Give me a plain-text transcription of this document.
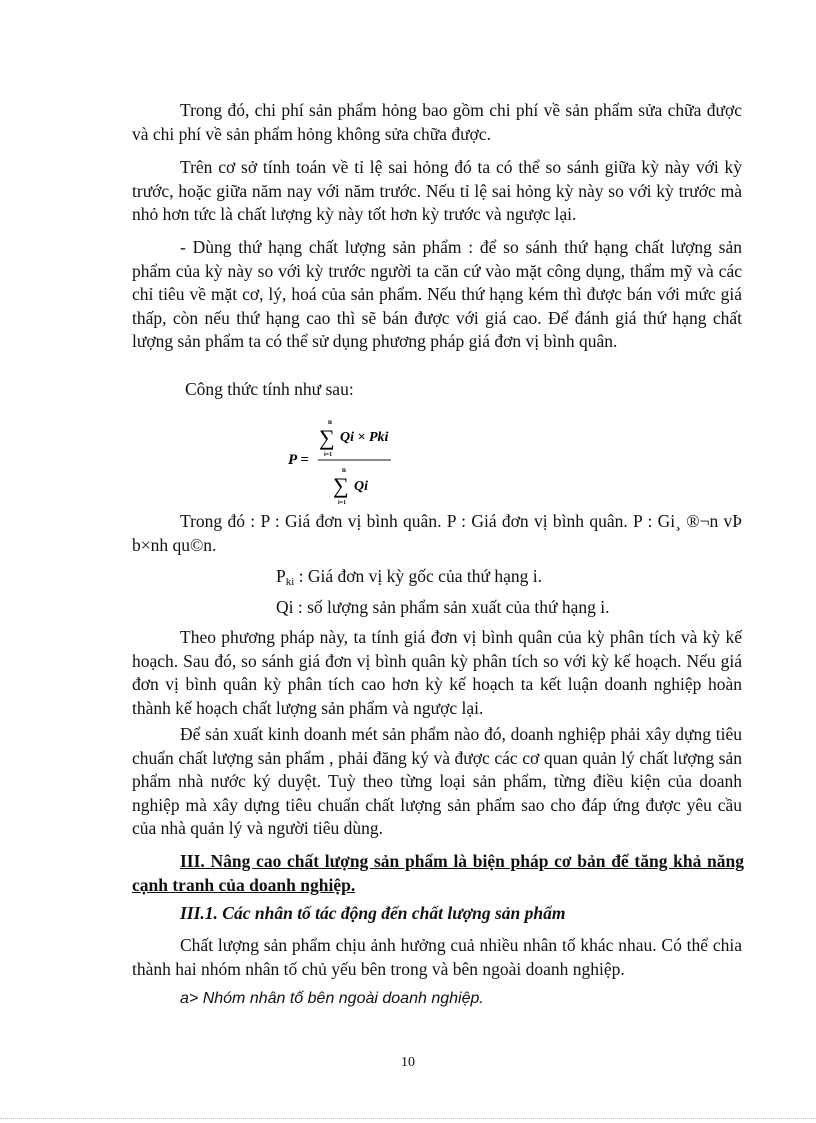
Trong đó, chi phí sản phẩm hỏng bao gồm chi phí về sản phẩm sửa chữa được và chi phí về sản phẩm hỏng không sửa chữa được.

Trên cơ sở tính toán về tỉ lệ sai hỏng đó ta có thể so sánh giữa kỳ này với kỳ trước, hoặc giữa năm nay với năm trước. Nếu tỉ lệ sai hỏng kỳ này so với kỳ trước mà nhỏ hơn tức là chất lượng kỳ này tốt hơn kỳ trước và ngược lại.

- Dùng thứ hạng chất lượng sản phẩm : để so sánh thứ hạng chất lượng sản phẩm của kỳ này so với kỳ trước người ta căn cứ vào mặt công dụng, thẩm mỹ và các chỉ tiêu về mặt cơ, lý, hoá của sản phẩm. Nếu thứ hạng kém thì được bán với mức giá thấp, còn nếu thứ hạng cao thì sẽ bán được với giá cao. Để đánh giá thứ hạng chất lượng sản phẩm ta có thể sử dụng phương pháp giá đơn vị bình quân.

Công thức tính như sau:

P =
n
∑
i=1
Qi × Pki
n
∑
i=1
Qi

Trong đó : P : Giá đơn vị bình quân. P : Giá đơn vị bình quân. P : Gi¸ ®¬n vÞ b×nh qu©n.

$P_{ki}$ : Giá đơn vị kỳ gốc của thứ hạng i.

Qi : số lượng sản phẩm sản xuất của thứ hạng i.

Theo phương pháp này, ta tính giá đơn vị bình quân của kỳ phân tích và kỳ kế hoạch. Sau đó, so sánh giá đơn vị bình quân kỳ phân tích so với kỳ kế hoạch. Nếu giá đơn vị bình quân kỳ phân tích cao hơn kỳ kế hoạch ta kết luận doanh nghiệp hoàn thành kế hoạch chất lượng sản phẩm và ngược lại.

Để sản xuất kinh doanh mét sản phẩm nào đó, doanh nghiệp phải xây dựng tiêu chuẩn chất lượng sản phẩm , phải đăng ký và được các cơ quan quản lý chất lượng sản phẩm nhà nước ký duyệt. Tuỳ theo từng loại sản phẩm, từng điều kiện của doanh nghiệp mà xây dựng tiêu chuẩn chất lượng sản phẩm sao cho đáp ứng được yêu cầu của nhà quản lý và người tiêu dùng.

III. Nâng cao chất lượng sản phẩm là biện pháp cơ bản để tăng khả năng cạnh tranh của doanh nghiệp.

III.1. Các nhân tố tác động đến chất lượng sản phẩm

Chất lượng sản phẩm chịu ảnh hưởng cuả nhiều nhân tố khác nhau. Có thể chia thành hai nhóm nhân tố chủ yếu bên trong và bên ngoài doanh nghiệp.

a> Nhóm nhân tố bên ngoài doanh nghiệp.

10
